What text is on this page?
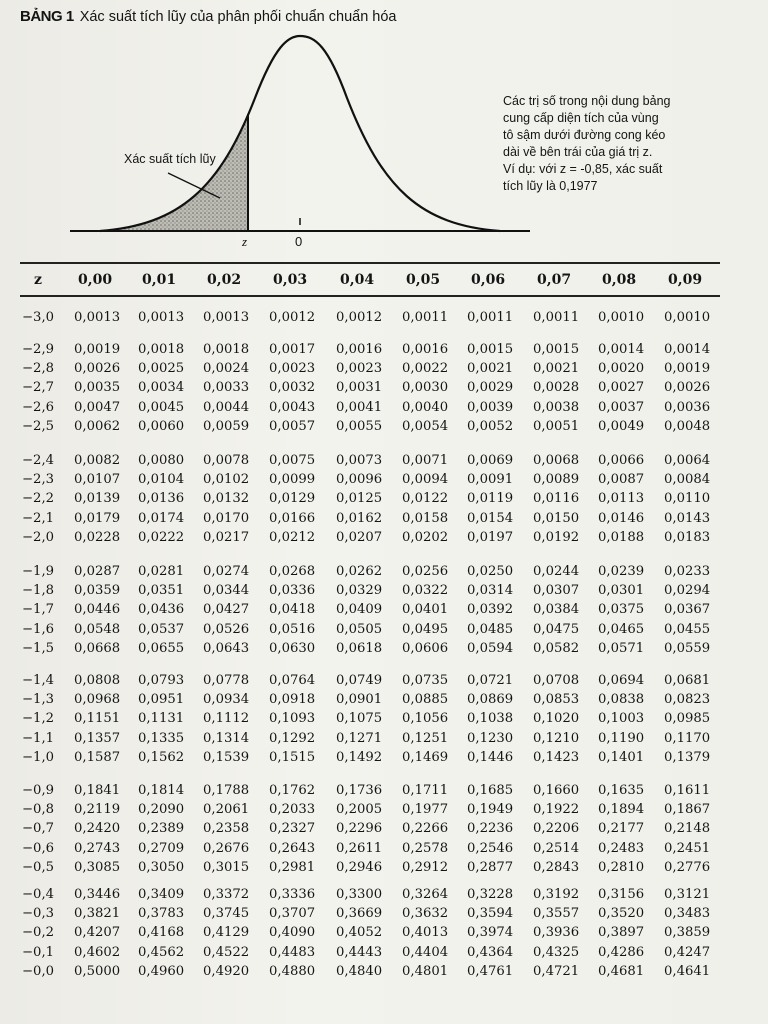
BẢNG 1 Xác suất tích lũy của phân phối chuẩn chuẩn hóa
Xác suất tích lũy
z	0
Các trị số trong nội dung bảng
cung cấp diện tích của vùng
tô sậm dưới đường cong kéo
dài về bên trái của giá trị z.
Ví dụ: với z = -0,85, xác suất
tích lũy là 0,1977
z	0,00 0,01 0,02 0,03 0,04 0,05 0,06 0,07 0,08 0,09
−3,0 0,0013 0,0013 0,0013 0,0012 0,0012 0,0011 0,0011 0,0011 0,0010 0,0010
−2,9 0,0019 0,0018 0,0018 0,0017 0,0016 0,0016 0,0015 0,0015 0,0014 0,0014
−2,8 0,0026 0,0025 0,0024 0,0023 0,0023 0,0022 0,0021 0,0021 0,0020 0,0019
−2,7 0,0035 0,0034 0,0033 0,0032 0,0031 0,0030 0,0029 0,0028 0,0027 0,0026
−2,6 0,0047 0,0045 0,0044 0,0043 0,0041 0,0040 0,0039 0,0038 0,0037 0,0036
−2,5 0,0062 0,0060 0,0059 0,0057 0,0055 0,0054 0,0052 0,0051 0,0049 0,0048
−2,4 0,0082 0,0080 0,0078 0,0075 0,0073 0,0071 0,0069 0,0068 0,0066 0,0064
−2,3 0,0107 0,0104 0,0102 0,0099 0,0096 0,0094 0,0091 0,0089 0,0087 0,0084
−2,2 0,0139 0,0136 0,0132 0,0129 0,0125 0,0122 0,0119 0,0116 0,0113 0,0110
−2,1 0,0179 0,0174 0,0170 0,0166 0,0162 0,0158 0,0154 0,0150 0,0146 0,0143
−2,0 0,0228 0,0222 0,0217 0,0212 0,0207 0,0202 0,0197 0,0192 0,0188 0,0183
−1,9 0,0287 0,0281 0,0274 0,0268 0,0262 0,0256 0,0250 0,0244 0,0239 0,0233
−1,8 0,0359 0,0351 0,0344 0,0336 0,0329 0,0322 0,0314 0,0307 0,0301 0,0294
−1,7 0,0446 0,0436 0,0427 0,0418 0,0409 0,0401 0,0392 0,0384 0,0375 0,0367
−1,6 0,0548 0,0537 0,0526 0,0516 0,0505 0,0495 0,0485 0,0475 0,0465 0,0455
−1,5 0,0668 0,0655 0,0643 0,0630 0,0618 0,0606 0,0594 0,0582 0,0571 0,0559
−1,4 0,0808 0,0793 0,0778 0,0764 0,0749 0,0735 0,0721 0,0708 0,0694 0,0681
−1,3 0,0968 0,0951 0,0934 0,0918 0,0901 0,0885 0,0869 0,0853 0,0838 0,0823
−1,2 0,1151 0,1131 0,1112 0,1093 0,1075 0,1056 0,1038 0,1020 0,1003 0,0985
−1,1 0,1357 0,1335 0,1314 0,1292 0,1271 0,1251 0,1230 0,1210 0,1190 0,1170
−1,0 0,1587 0,1562 0,1539 0,1515 0,1492 0,1469 0,1446 0,1423 0,1401 0,1379
−0,9 0,1841 0,1814 0,1788 0,1762 0,1736 0,1711 0,1685 0,1660 0,1635 0,1611
−0,8 0,2119 0,2090 0,2061 0,2033 0,2005 0,1977 0,1949 0,1922 0,1894 0,1867
−0,7 0,2420 0,2389 0,2358 0,2327 0,2296 0,2266 0,2236 0,2206 0,2177 0,2148
−0,6 0,2743 0,2709 0,2676 0,2643 0,2611 0,2578 0,2546 0,2514 0,2483 0,2451
−0,5 0,3085 0,3050 0,3015 0,2981 0,2946 0,2912 0,2877 0,2843 0,2810 0,2776
−0,4 0,3446 0,3409 0,3372 0,3336 0,3300 0,3264 0,3228 0,3192 0,3156 0,3121
−0,3 0,3821 0,3783 0,3745 0,3707 0,3669 0,3632 0,3594 0,3557 0,3520 0,3483
−0,2 0,4207 0,4168 0,4129 0,4090 0,4052 0,4013 0,3974 0,3936 0,3897 0,3859
−0,1 0,4602 0,4562 0,4522 0,4483 0,4443 0,4404 0,4364 0,4325 0,4286 0,4247
−0,0 0,5000 0,4960 0,4920 0,4880 0,4840 0,4801 0,4761 0,4721 0,4681 0,4641
